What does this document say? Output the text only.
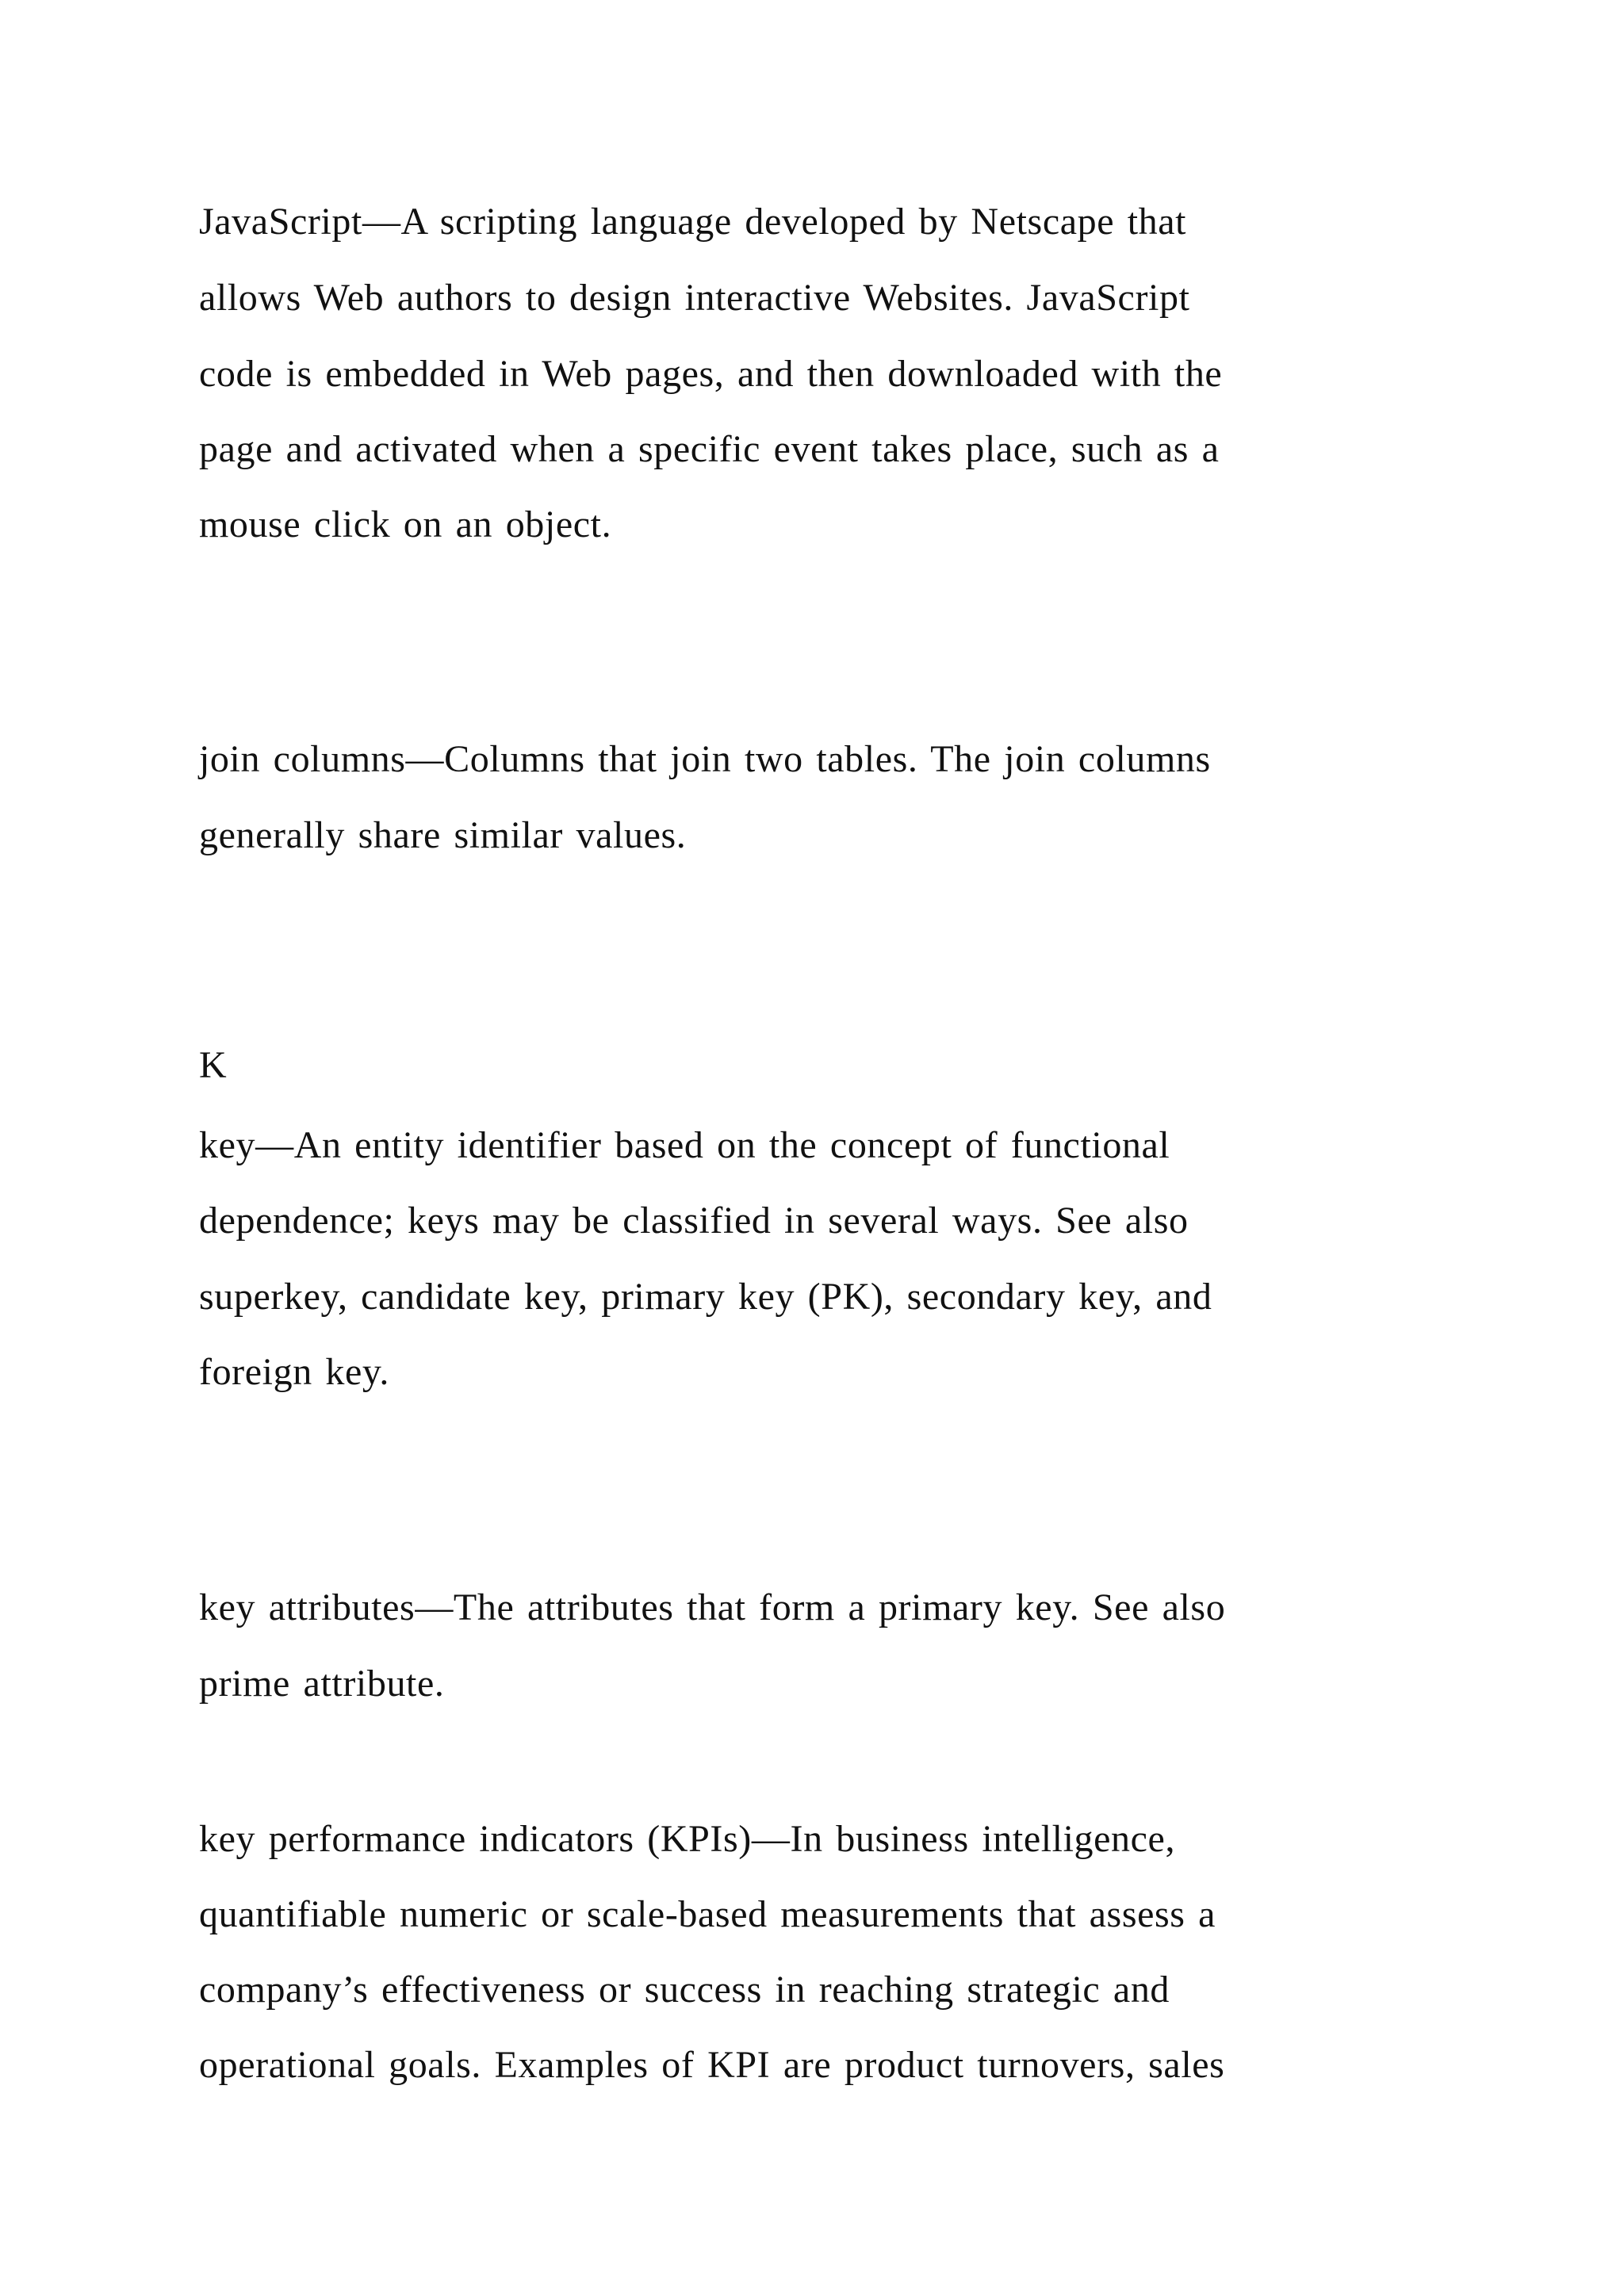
JavaScript—A scripting language developed by Netscape that

allows Web authors to design interactive Websites. JavaScript

code is embedded in Web pages, and then downloaded with the

page and activated when a specific event takes place, such as a

mouse click on an object.

join columns—Columns that join two tables. The join columns

generally share similar values.

K

key—An entity identifier based on the concept of functional

dependence; keys may be classified in several ways. See also

superkey, candidate key, primary key (PK), secondary key, and

foreign key.

key attributes—The attributes that form a primary key. See also

prime attribute.

key performance indicators (KPIs)—In business intelligence,

quantifiable numeric or scale-based measurements that assess a

company’s effectiveness or success in reaching strategic and

operational goals. Examples of KPI are product turnovers, sales
